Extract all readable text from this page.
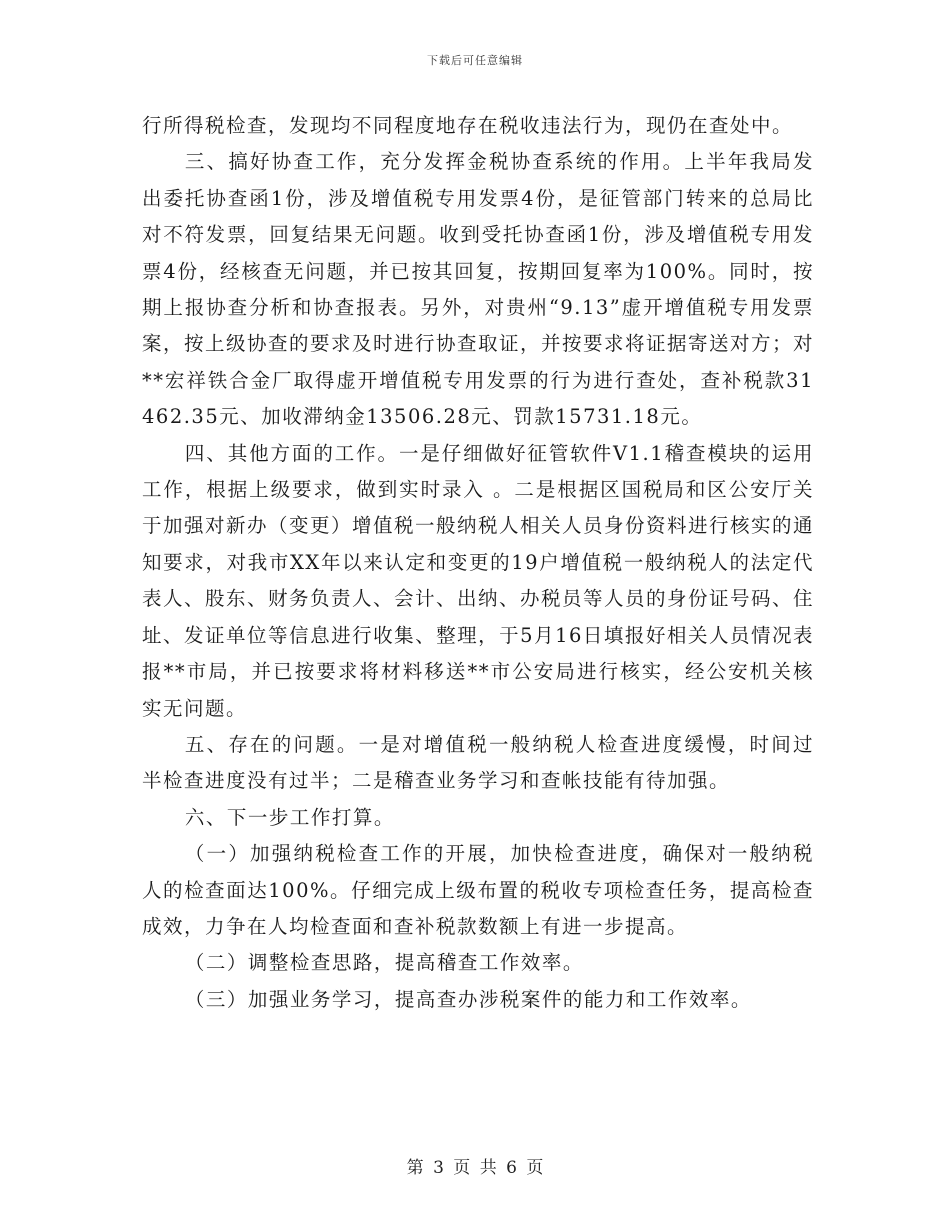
下载后可任意编辑

行所得税检查，发现均不同程度地存在税收违法行为，现仍在查处中。

三、搞好协查工作，充分发挥金税协查系统的作用。上半年我局发出委托协查函1份，涉及增值税专用发票4份，是征管部门转来的总局比对不符发票，回复结果无问题。收到受托协查函1份，涉及增值税专用发票4份，经核查无问题，并已按其回复，按期回复率为100%。同时，按期上报协查分析和协查报表。另外，对贵州“9.13”虚开增值税专用发票案，按上级协查的要求及时进行协查取证，并按要求将证据寄送对方；对**宏祥铁合金厂取得虚开增值税专用发票的行为进行查处，查补税款31462.35元、加收滞纳金13506.28元、罚款15731.18元。

四、其他方面的工作。一是仔细做好征管软件V1.1稽查模块的运用工作，根据上级要求，做到实时录入 。二是根据区国税局和区公安厅关于加强对新办（变更）增值税一般纳税人相关人员身份资料进行核实的通知要求，对我市XX年以来认定和变更的19户增值税一般纳税人的法定代表人、股东、财务负责人、会计、出纳、办税员等人员的身份证号码、住址、发证单位等信息进行收集、整理，于5月16日填报好相关人员情况表报**市局，并已按要求将材料移送**市公安局进行核实，经公安机关核实无问题。

五、存在的问题。一是对增值税一般纳税人检查进度缓慢，时间过半检查进度没有过半；二是稽查业务学习和查帐技能有待加强。

六、下一步工作打算。

（一）加强纳税检查工作的开展，加快检查进度，确保对一般纳税人的检查面达100%。仔细完成上级布置的税收专项检查任务，提高检查成效，力争在人均检查面和查补税款数额上有进一步提高。

（二）调整检查思路，提高稽查工作效率。

（三）加强业务学习，提高查办涉税案件的能力和工作效率。

第 3 页 共 6 页
